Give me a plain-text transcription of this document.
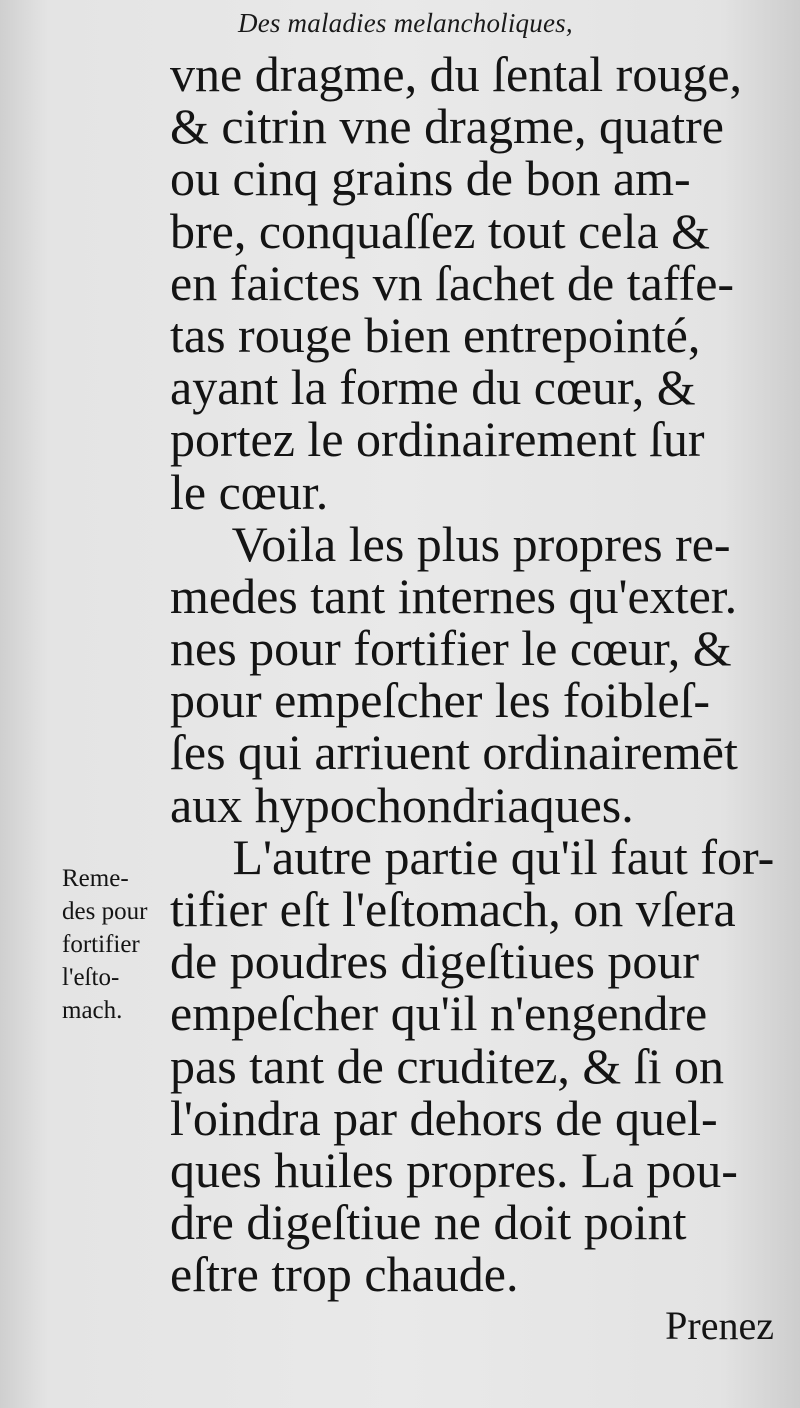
Des maladies melancholiques,
vne dragme, du ſental rouge,
& citrin vne dragme, quatre
ou cinq grains de bon am-
bre, conquaſſez tout cela &
en faictes vn ſachet de taffe-
tas rouge bien entrepointé,
ayant la forme du cœur, &
portez le ordinairement ſur
le cœur.
Voila les plus propres re-
medes tant internes qu'exter.
nes pour fortifier le cœur, &
pour empeſcher les foibleſ-
ſes qui arriuent ordinairemēt
aux hypochondriaques.
L'autre partie qu'il faut for-
tifier eſt l'eſtomach, on vſera
de poudres digeſtiues pour
empeſcher qu'il n'engendre
pas tant de cruditez, & ſi on
l'oindra par dehors de quel-
ques huiles propres. La pou-
dre digeſtiue ne doit point
eſtre trop chaude.
Reme-
des pour
fortifier
l'eſto-
mach.
Prenez
